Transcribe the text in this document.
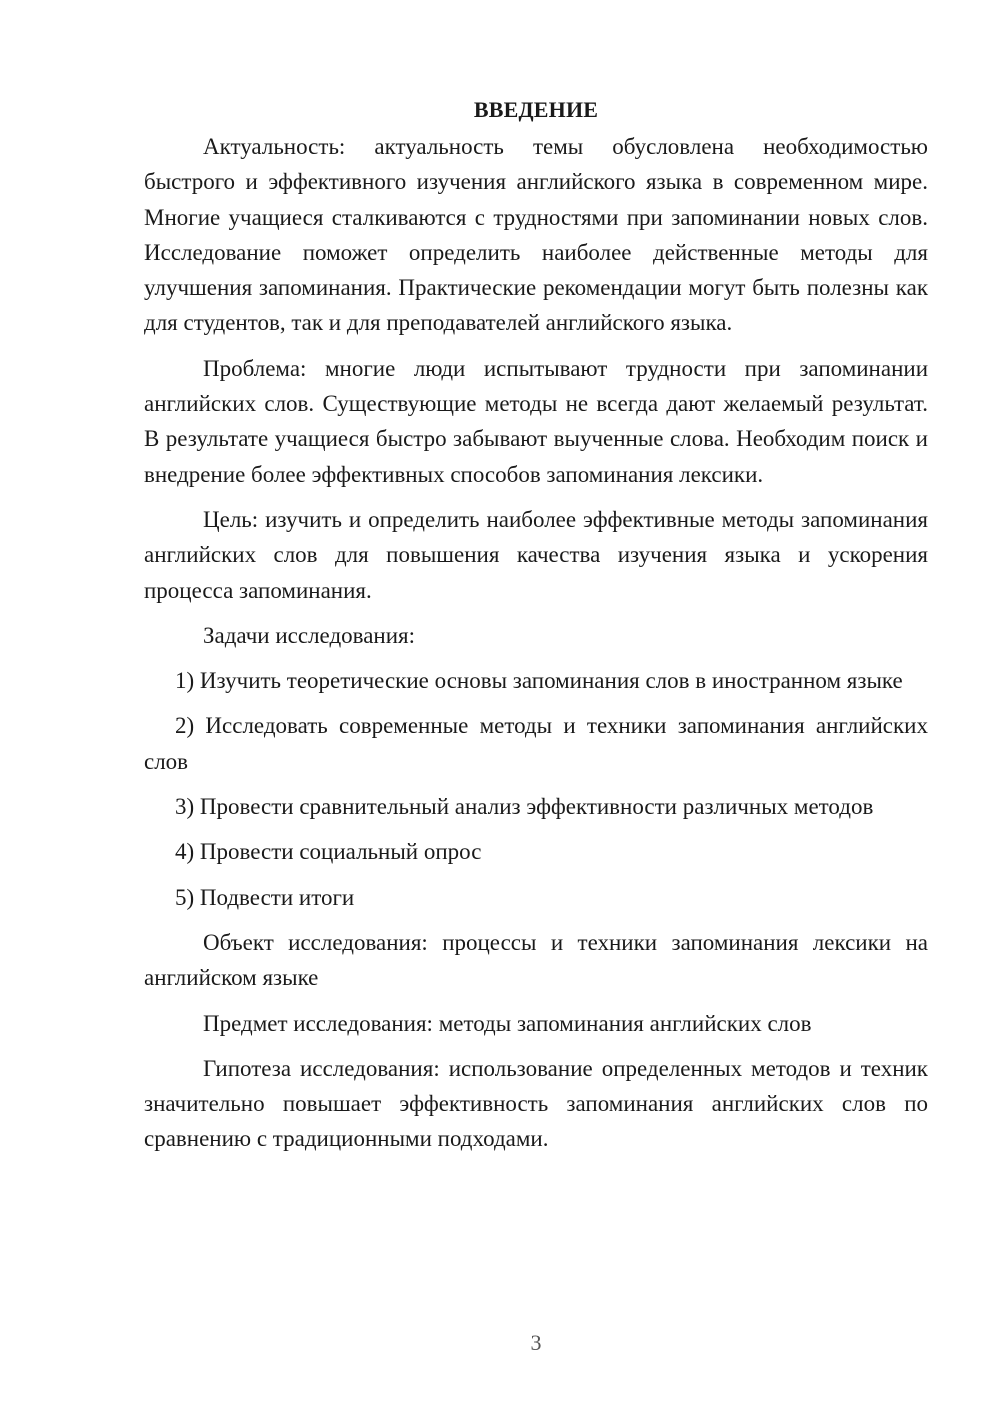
ВВЕДЕНИЕ

Актуальность: актуальность темы обусловлена необходимостью быстрого и эффективного изучения английского языка в современном мире. Многие учащиеся сталкиваются с трудностями при запоминании новых слов. Исследование поможет определить наиболее действенные методы для улучшения запоминания. Практические рекомендации могут быть полезны как для студентов, так и для преподавателей английского языка.

Проблема: многие люди испытывают трудности при запоминании английских слов. Существующие методы не всегда дают желаемый результат. В результате учащиеся быстро забывают выученные слова. Необходим поиск и внедрение более эффективных способов запоминания лексики.

Цель: изучить и определить наиболее эффективные методы запоминания английских слов для повышения качества изучения языка и ускорения процесса запоминания.

Задачи исследования:

1) Изучить теоретические основы запоминания слов в иностранном языке

2) Исследовать современные методы и техники запоминания английских слов

3) Провести сравнительный анализ эффективности различных методов

4) Провести социальный опрос

5) Подвести итоги

Объект исследования: процессы и техники запоминания лексики на английском языке

Предмет исследования: методы запоминания английских слов

Гипотеза исследования: использование определенных методов и техник значительно повышает эффективность запоминания английских слов по сравнению с традиционными подходами.

3
